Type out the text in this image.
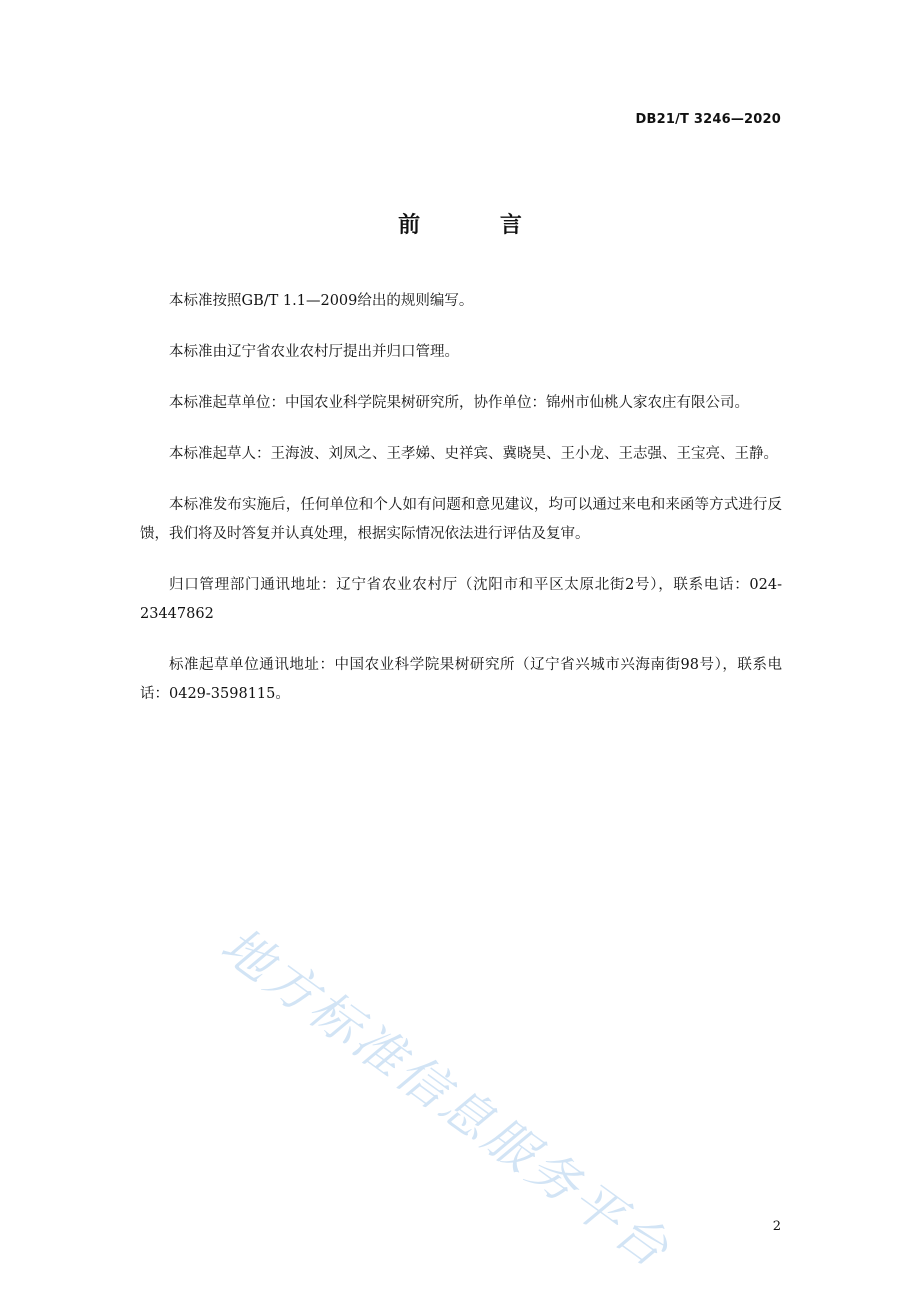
DB21/T 3246—2020
前 言

本标准按照GB/T 1.1—2009给出的规则编写。

本标准由辽宁省农业农村厅提出并归口管理。

本标准起草单位：中国农业科学院果树研究所，协作单位：锦州市仙桃人家农庄有限公司。

本标准起草人：王海波、刘凤之、王孝娣、史祥宾、冀晓昊、王小龙、王志强、王宝亮、王静。

本标准发布实施后，任何单位和个人如有问题和意见建议，均可以通过来电和来函等方式进行反馈，我们将及时答复并认真处理，根据实际情况依法进行评估及复审。

归口管理部门通讯地址：辽宁省农业农村厅（沈阳市和平区太原北街2号），联系电话：024-23447862

标准起草单位通讯地址：中国农业科学院果树研究所（辽宁省兴城市兴海南街98号），联系电话：0429-3598115。

地方标准信息服务平台	2
